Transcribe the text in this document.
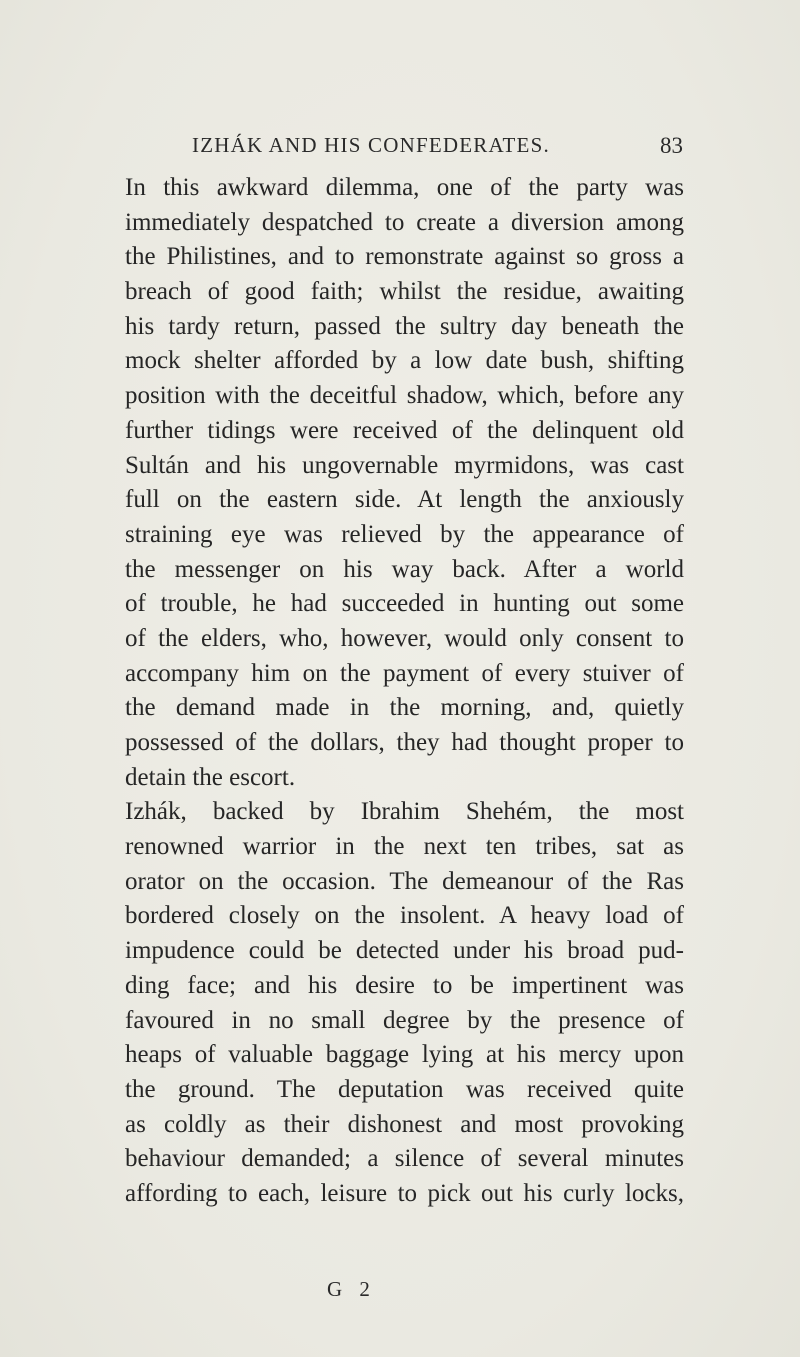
IZHÁK AND HIS CONFEDERATES.	83
In this awkward dilemma, one of the party was
immediately despatched to create a diversion among
the Philistines, and to remonstrate against so gross a
breach of good faith; whilst the residue, awaiting
his tardy return, passed the sultry day beneath the
mock shelter afforded by a low date bush, shifting
position with the deceitful shadow, which, before any
further tidings were received of the delinquent old
Sultán and his ungovernable myrmidons, was cast
full on the eastern side. At length the anxiously
straining eye was relieved by the appearance of
the messenger on his way back. After a world
of trouble, he had succeeded in hunting out some
of the elders, who, however, would only consent to
accompany him on the payment of every stuiver of
the demand made in the morning, and, quietly
possessed of the dollars, they had thought proper to
detain the escort.
Izhák, backed by Ibrahim Shehém, the most
renowned warrior in the next ten tribes, sat as
orator on the occasion. The demeanour of the Ras
bordered closely on the insolent. A heavy load of
impudence could be detected under his broad pud-
ding face; and his desire to be impertinent was
favoured in no small degree by the presence of
heaps of valuable baggage lying at his mercy upon
the ground. The deputation was received quite
as coldly as their dishonest and most provoking
behaviour demanded; a silence of several minutes
affording to each, leisure to pick out his curly locks,
G 2
